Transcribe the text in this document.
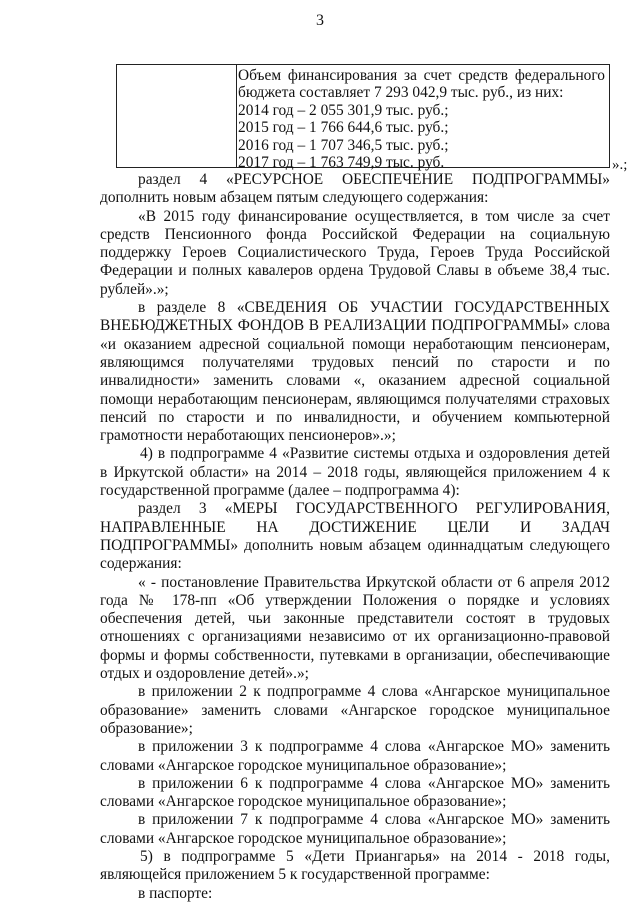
3
Объем финансирования за счет средств федерального
бюджета составляет 7 293 042,9 тыс. руб., из них:
2014 год – 2 055 301,9 тыс. руб.;
2015 год – 1 766 644,6 тыс. руб.;
2016 год – 1 707 346,5 тыс. руб.;
2017 год – 1 763 749,9 тыс. руб.	».;

раздел 4 «РЕСУРСНОЕ ОБЕСПЕЧЕНИЕ ПОДПРОГРАММЫ»

дополнить новым абзацем пятым следующего содержания:

«В 2015 году финансирование осуществляется, в том числе за счет средств Пенсионного фонда Российской Федерации на социальную поддержку Героев Социалистического Труда, Героев Труда Российской Федерации и полных кавалеров ордена Трудовой Славы в объеме 38,4 тыс. рублей».»;

в разделе 8 «СВЕДЕНИЯ ОБ УЧАСТИИ ГОСУДАРСТВЕННЫХ ВНЕБЮДЖЕТНЫХ ФОНДОВ В РЕАЛИЗАЦИИ ПОДПРОГРАММЫ» слова «и оказанием адресной социальной помощи неработающим пенсионерам, являющимся получателями трудовых пенсий по старости и по инвалидности» заменить словами «, оказанием адресной социальной помощи неработающим пенсионерам, являющимся получателями страховых пенсий по старости и по инвалидности, и обучением компьютерной грамотности неработающих пенсионеров».»;

4) в подпрограмме 4 «Развитие системы отдыха и оздоровления детей в Иркутской области» на 2014 – 2018 годы, являющейся приложением 4 к государственной программе (далее – подпрограмма 4):

раздел 3 «МЕРЫ ГОСУДАРСТВЕННОГО РЕГУЛИРОВАНИЯ, НАПРАВЛЕННЫЕ НА ДОСТИЖЕНИЕ ЦЕЛИ И ЗАДАЧ ПОДПРОГРАММЫ» дополнить новым абзацем одиннадцатым следующего содержания:

« - постановление Правительства Иркутской области от 6 апреля 2012 года № 178-пп «Об утверждении Положения о порядке и условиях обеспечения детей, чьи законные представители состоят в трудовых отношениях с организациями независимо от их организационно-правовой формы и формы собственности, путевками в организации, обеспечивающие отдых и оздоровление детей».»;

в приложении 2 к подпрограмме 4 слова «Ангарское муниципальное образование» заменить словами «Ангарское городское муниципальное образование»;

в приложении 3 к подпрограмме 4 слова «Ангарское МО» заменить словами «Ангарское городское муниципальное образование»;

в приложении 6 к подпрограмме 4 слова «Ангарское МО» заменить словами «Ангарское городское муниципальное образование»;

в приложении 7 к подпрограмме 4 слова «Ангарское МО» заменить словами «Ангарское городское муниципальное образование»;

5) в подпрограмме 5 «Дети Приангарья» на 2014 - 2018 годы, являющейся приложением 5 к государственной программе:

в паспорте:
